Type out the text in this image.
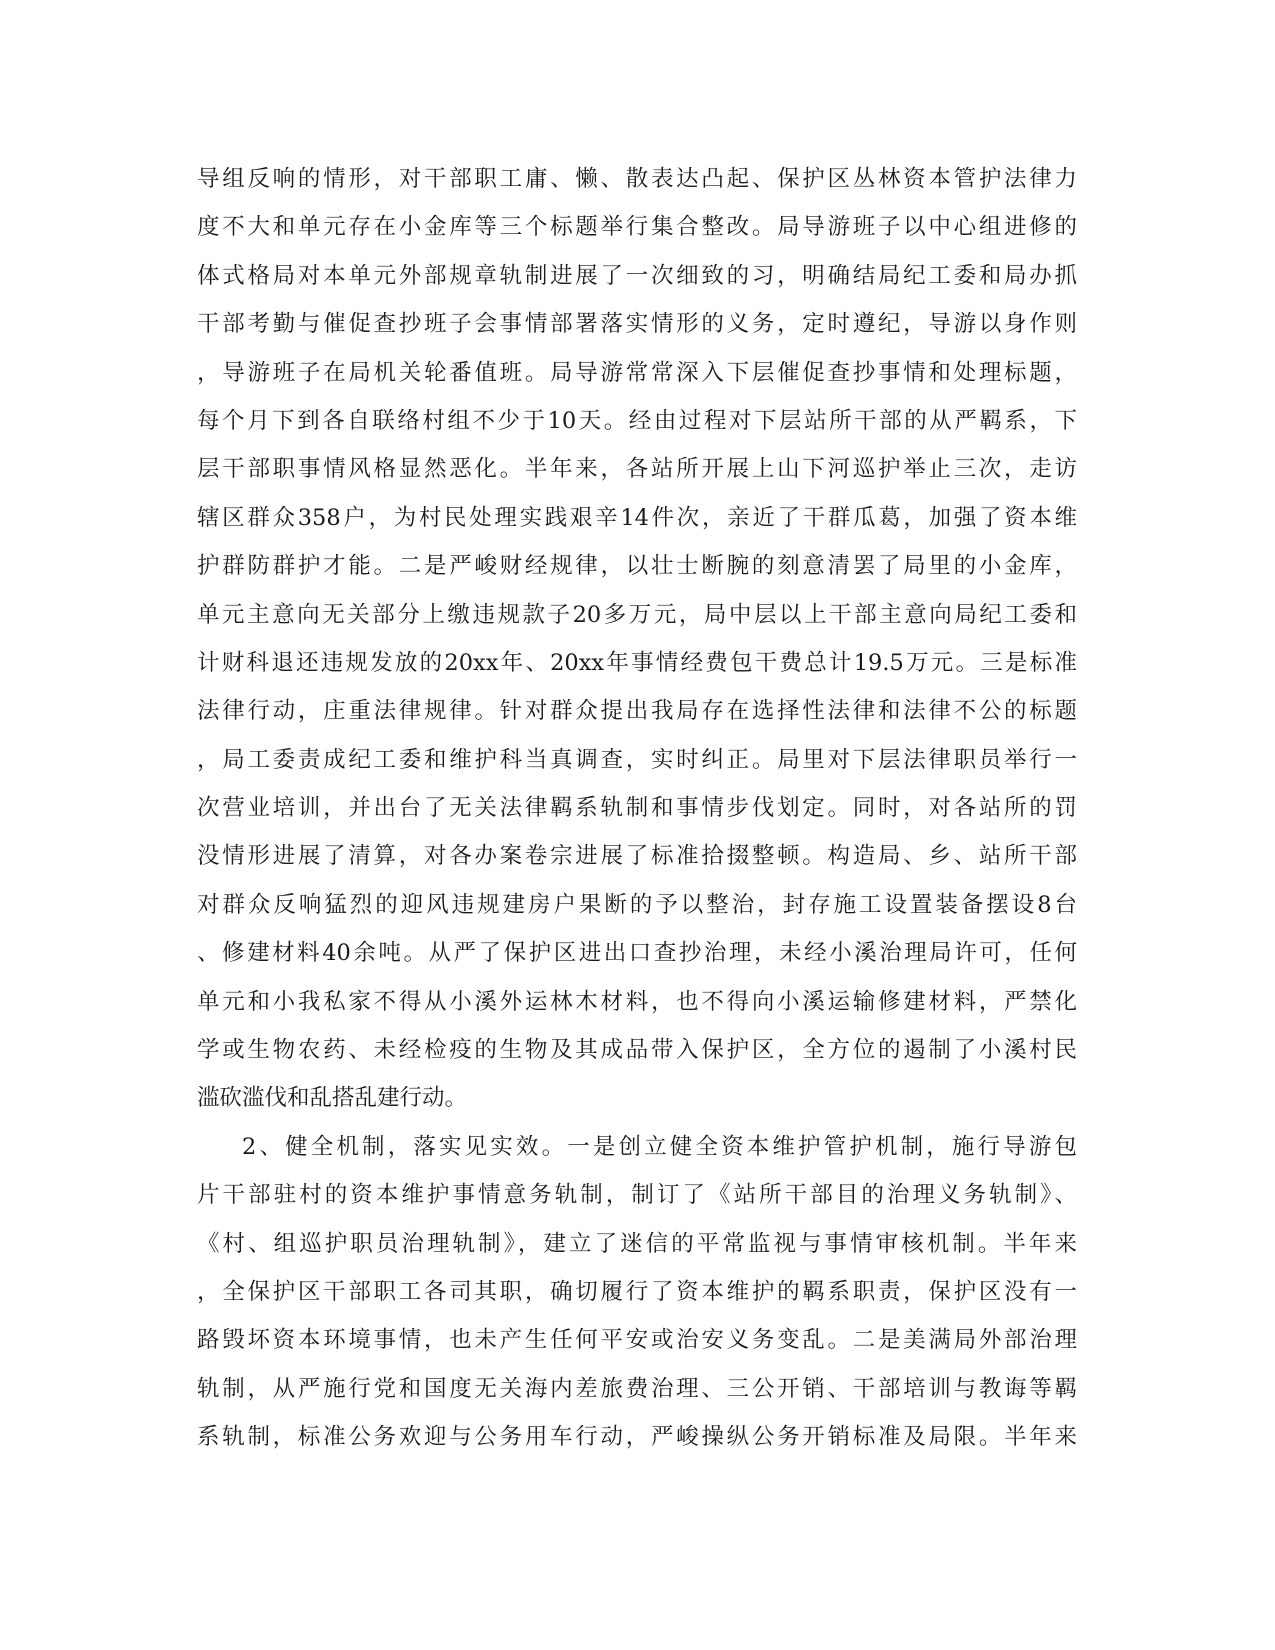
导组反响的情形，对干部职工庸、懒、散表达凸起、保护区丛林资本管护法律力
度不大和单元存在小金库等三个标题举行集合整改。局导游班子以中心组进修的
体式格局对本单元外部规章轨制进展了一次细致的习，明确结局纪工委和局办抓
干部考勤与催促查抄班子会事情部署落实情形的义务，定时遵纪，导游以身作则
，导游班子在局机关轮番值班。局导游常常深入下层催促查抄事情和处理标题，
每个月下到各自联络村组不少于10天。经由过程对下层站所干部的从严羁系，下
层干部职事情风格显然恶化。半年来，各站所开展上山下河巡护举止三次，走访
辖区群众358户，为村民处理实践艰辛14件次，亲近了干群瓜葛，加强了资本维
护群防群护才能。二是严峻财经规律，以壮士断腕的刻意清罢了局里的小金库，
单元主意向无关部分上缴违规款子20多万元，局中层以上干部主意向局纪工委和
计财科退还违规发放的20xx年、20xx年事情经费包干费总计19.5万元。三是标准
法律行动，庄重法律规律。针对群众提出我局存在选择性法律和法律不公的标题
，局工委责成纪工委和维护科当真调查，实时纠正。局里对下层法律职员举行一
次营业培训，并出台了无关法律羁系轨制和事情步伐划定。同时，对各站所的罚
没情形进展了清算，对各办案卷宗进展了标准拾掇整顿。构造局、乡、站所干部
对群众反响猛烈的迎风违规建房户果断的予以整治，封存施工设置装备摆设8台
、修建材料40余吨。从严了保护区进出口查抄治理，未经小溪治理局许可，任何
单元和小我私家不得从小溪外运林木材料，也不得向小溪运输修建材料，严禁化
学或生物农药、未经检疫的生物及其成品带入保护区，全方位的遏制了小溪村民
滥砍滥伐和乱搭乱建行动。
2、健全机制，落实见实效。一是创立健全资本维护管护机制，施行导游包
片干部驻村的资本维护事情意务轨制，制订了《站所干部目的治理义务轨制》、
《村、组巡护职员治理轨制》，建立了迷信的平常监视与事情审核机制。半年来
，全保护区干部职工各司其职，确切履行了资本维护的羁系职责，保护区没有一
路毁坏资本环境事情，也未产生任何平安或治安义务变乱。二是美满局外部治理
轨制，从严施行党和国度无关海内差旅费治理、三公开销、干部培训与教诲等羁
系轨制，标准公务欢迎与公务用车行动，严峻操纵公务开销标准及局限。半年来
